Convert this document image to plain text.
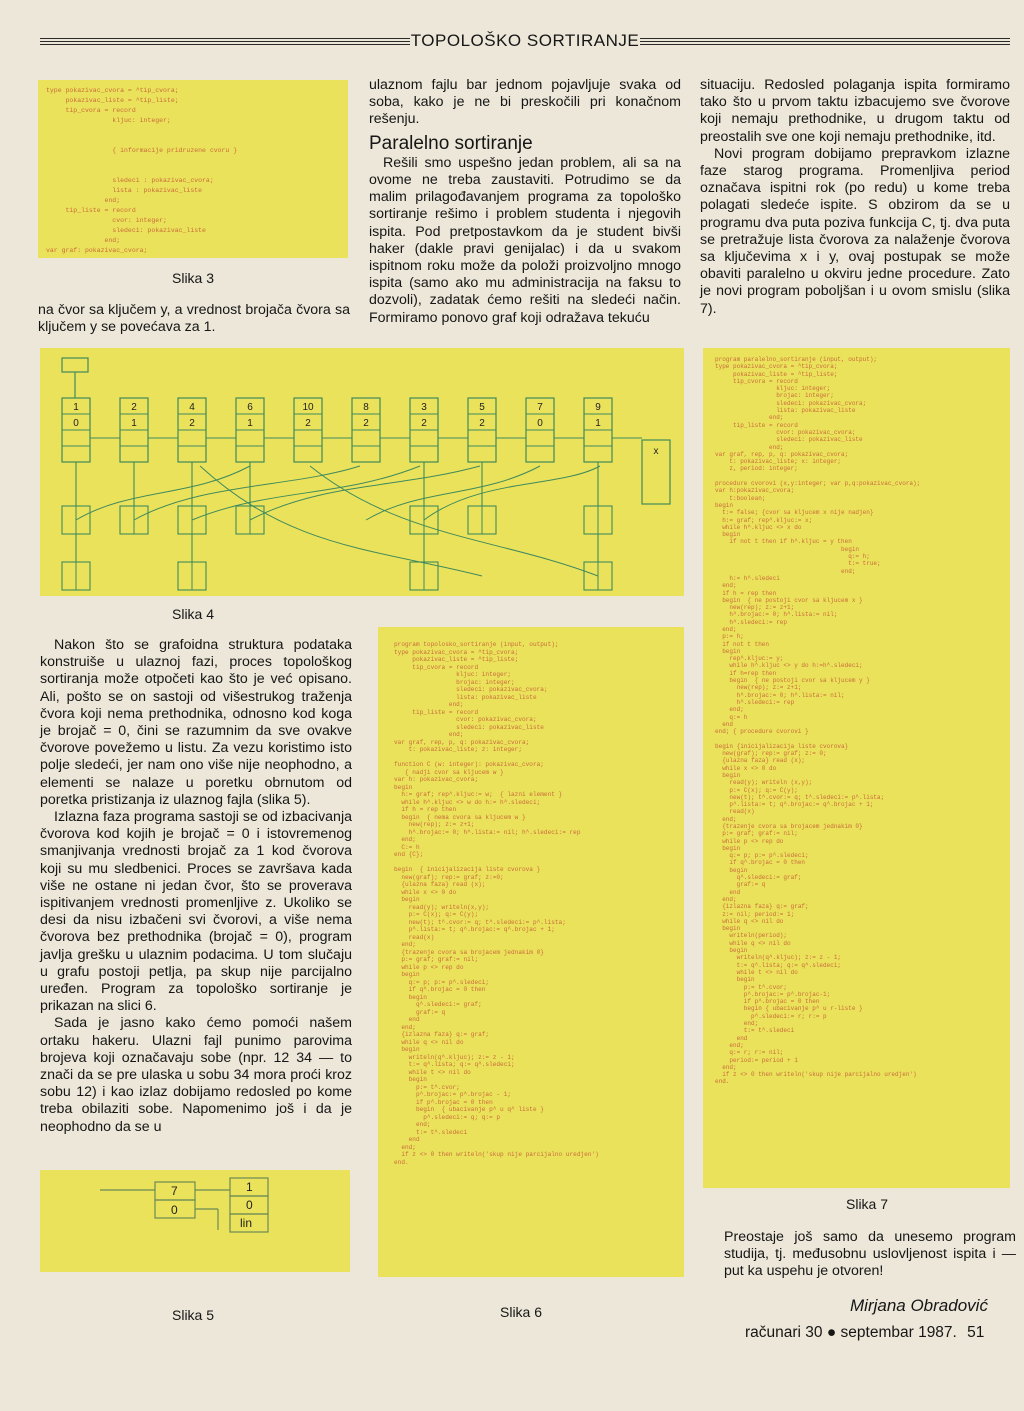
TOPOLOŠKO SORTIRANJE
type pokazivac_cvora = ^tip_cvora;
pokazivac_liste = ^tip_liste;
tip_cvora = record
kljuc: integer;

{ informacije pridruzene cvoru }

sledeci : pokazivac_cvora;
lista : pokazivac_liste
end;
tip_liste = record
cvor: integer;
sledeci: pokazivac_liste
end;
var graf: pokazivac_cvora;
Slika 3

na čvor sa ključem y, a vrednost brojača čvora sa ključem y se povećava za 1.

ulaznom fajlu bar jednom pojavljuje svaka od soba, kako je ne bi preskočili pri konačnom rešenju.

Paralelno sortiranje

Rešili smo uspešno jedan problem, ali sa na ovome ne treba zaustaviti. Potrudimo se da malim prilagođavanjem programa za topološko sortiranje rešimo i problem studenta i njegovih ispita. Pod pretpostavkom da je student bivši haker (dakle pravi genijalac) i da u svakom ispitnom roku može da položi proizvoljno mnogo ispita (samo ako mu administracija na faksu to dozvoli), zadatak ćemo rešiti na sledeći način. Formiramo ponovo graf koji odražava tekuću

situaciju. Redosled polaganja ispita formiramo tako što u prvom taktu izbacujemo sve čvorove koji nemaju prethodnike, u drugom taktu od preostalih sve one koji nemaju prethodnike, itd.

Novi program dobijamo prepravkom izlazne faze starog programa. Promenljiva period označava ispitni rok (po redu) u kome treba polagati sledeće ispite. S obzirom da se u programu dva puta poziva funkcija C, tj. dva puta se pretražuje lista čvorova za nalaženje čvorova sa ključevima x i y, ovaj postupak se može obaviti paralelno u okviru jedne procedure. Zato je novi program poboljšan i u ovom smislu (slika 7).

1
0
2
1
4
2
6
1
10
2
8
2
3
2
5
2
7
0
9
1
x
Slika 4

Nakon što se grafoidna struktura podataka konstruiše u ulaznoj fazi, proces topološkog sortiranja može otpočeti kao što je već opisano. Ali, pošto se on sastoji od višestrukog traženja čvora koji nema prethodnika, odnosno kod koga je brojač = 0, čini se razumnim da sve ovakve čvorove povežemo u listu. Za vezu koristimo isto polje sledeći, jer nam ono više nije neophodno, a elementi se nalaze u poretku obrnutom od poretka pristizanja iz ulaznog fajla (slika 5).

Izlazna faza programa sastoji se od izbacivanja čvorova kod kojih je brojač = 0 i istovremenog smanjivanja vrednosti brojač za 1 kod čvorova koji su mu sledbenici. Proces se završava kada više ne ostane ni jedan čvor, što se proverava ispitivanjem vrednosti promenljive z. Ukoliko se desi da nisu izbačeni svi čvorovi, a više nema čvorova bez prethodnika (brojač = 0), program javlja grešku u ulaznim podacima. U tom slučaju u grafu postoji petlja, pa skup nije parcijalno uređen. Program za topološko sortiranje je prikazan na slici 6.

Sada je jasno kako ćemo pomoći našem ortaku hakeru. Ulazni fajl punimo parovima brojeva koji označavaju sobe (npr. 12 34 — to znači da se pre ulaska u sobu 34 mora proći kroz sobu 12) i kao izlaz dobijamo redosled po kome treba obilaziti sobe. Napomenimo još i da je neophodno da se u

7
0
1
0
lin
Slika 5
program topolosko_sortiranje (input, output);
type pokazivac_cvora = ^tip_cvora;
pokazivac_liste = ^tip_liste;
tip_cvora = record
kljuc: integer;
brojac: integer;
sledeci: pokazivac_cvora;
lista: pokazivac_liste
end;
tip_liste = record
cvor: pokazivac_cvora;
sledeci: pokazivac_liste
end;
var graf, rep, p, q: pokazivac_cvora;
t: pokazivac_liste; z: integer;

function C (w: integer): pokazivac_cvora;
{ nadji cvor sa kljucem w }
var h: pokazivac_cvora;
begin
h:= graf; rep^.kljuc:= w;  { lazni element }
while h^.kljuc <> w do h:= h^.sledeci;
if h = rep then
begin  { nema cvora sa kljucem w }
new(rep); z:= z+1;
h^.brojac:= 0; h^.lista:= nil; h^.sledeci:= rep
end;
C:= h
end {C};

begin  { inicijalizacija liste cvorova }
new(graf); rep:= graf; z:=0;
{ulazna faza} read (x);
while x <> 0 do
begin
read(y); writeln(x,y);
p:= C(x); q:= C(y);
new(t); t^.cvor:= q; t^.sledeci:= p^.lista;
p^.lista:= t; q^.brojac:= q^.brojac + 1;
read(x)
end;
{trazenje cvora sa brojacem jednakim 0}
p:= graf; graf:= nil;
while p <> rep do
begin
q:= p; p:= p^.sledeci;
if q^.brojac = 0 then
begin
q^.sledeci:= graf;
graf:= q
end
end;
{izlazna faza} q:= graf;
while q <> nil do
begin
writeln(q^.kljuc); z:= z - 1;
t:= q^.lista; q:= q^.sledeci;
while t <> nil do
begin
p:= t^.cvor;
p^.brojac:= p^.brojac - 1;
if p^.brojac = 0 then
begin  { ubacivanje p^ u q^ liste }
p^.sledeci:= q; q:= p
end;
t:= t^.sledeci
end
end;
if z <> 0 then writeln('skup nije parcijalno uredjen')
end.
Slika 6
program paralelno_sortiranje (input, output);
type pokazivac_cvora = ^tip_cvora;
pokazivac_liste = ^tip_liste;
tip_cvora = record
kljuc: integer;
brojac: integer;
sledeci: pokazivac_cvora;
lista: pokazivac_liste
end;
tip_liste = record
cvor: pokazivac_cvora;
sledeci: pokazivac_liste
end;
var graf, rep, p, q: pokazivac_cvora;
t: pokazivac_liste; x: integer;
z, period: integer;

procedure cvorovi (x,y:integer; var p,q:pokazivac_cvora);
var h:pokazivac_cvora;
t:boolean;
begin
t:= false; {cvor sa kljucem x nije nadjen}
h:= graf; rep^.kljuc:= x;
while h^.kljuc <> x do
begin
if not t then if h^.kljuc = y then
begin
q:= h;
t:= true;
end;
h:= h^.sledeci
end;
if h = rep then
begin  { ne postoji cvor sa kljucem x }
new(rep); z:= z+1;
h^.brojac:= 0; h^.lista:= nil;
h^.sledeci:= rep
end;
p:= h;
if not t then
begin
rep^.kljuc:= y;
while h^.kljuc <> y do h:=h^.sledeci;
if h=rep then
begin  { ne postoji cvor sa kljucem y }
new(rep); z:= z+1;
h^.brojac:= 0; h^.lista:= nil;
h^.sledeci:= rep
end;
q:= h
end
end; { procedure cvorovi }

begin {inicijalizacija liste cvorova}
new(graf); rep:= graf; z:= 0;
{ulazna faza} read (x);
while x <> 0 do
begin
read(y); writeln (x,y);
p:= C(x); q:= C(y);
new(t); t^.cvor:= q; t^.sledeci:= p^.lista;
p^.lista:= t; q^.brojac:= q^.brojac + 1;
read(x)
end;
{trazenje cvora sa brojacem jednakim 0}
p:= graf; graf:= nil;
while p <> rep do
begin
q:= p; p:= p^.sledeci;
if q^.brojac = 0 then
begin
q^.sledeci:= graf;
graf:= q
end
end;
{izlazna faza} q:= graf;
z:= nil; period:= 1;
while q <> nil do
begin
writeln(period);
while q <> nil do
begin
writeln(q^.kljuc); z:= z - 1;
t:= q^.lista; q:= q^.sledeci;
while t <> nil do
begin
p:= t^.cvor;
p^.brojac:= p^.brojac-1;
if p^.brojac = 0 then
begin { ubacivanje p^ u r-liste }
p^.sledeci:= r; r:= p
end;
t:= t^.sledeci
end
end;
q:= r; r:= nil;
period:= period + 1
end;
if z <> 0 then writeln('skup nije parcijalno uredjen')
end.
Slika 7

Preostaje još samo da unesemo program studija, tj. međusobnu uslovljenost ispita i — put ka uspehu je otvoren!

Mirjana Obradović
računari 30 ● septembar 1987. 51
